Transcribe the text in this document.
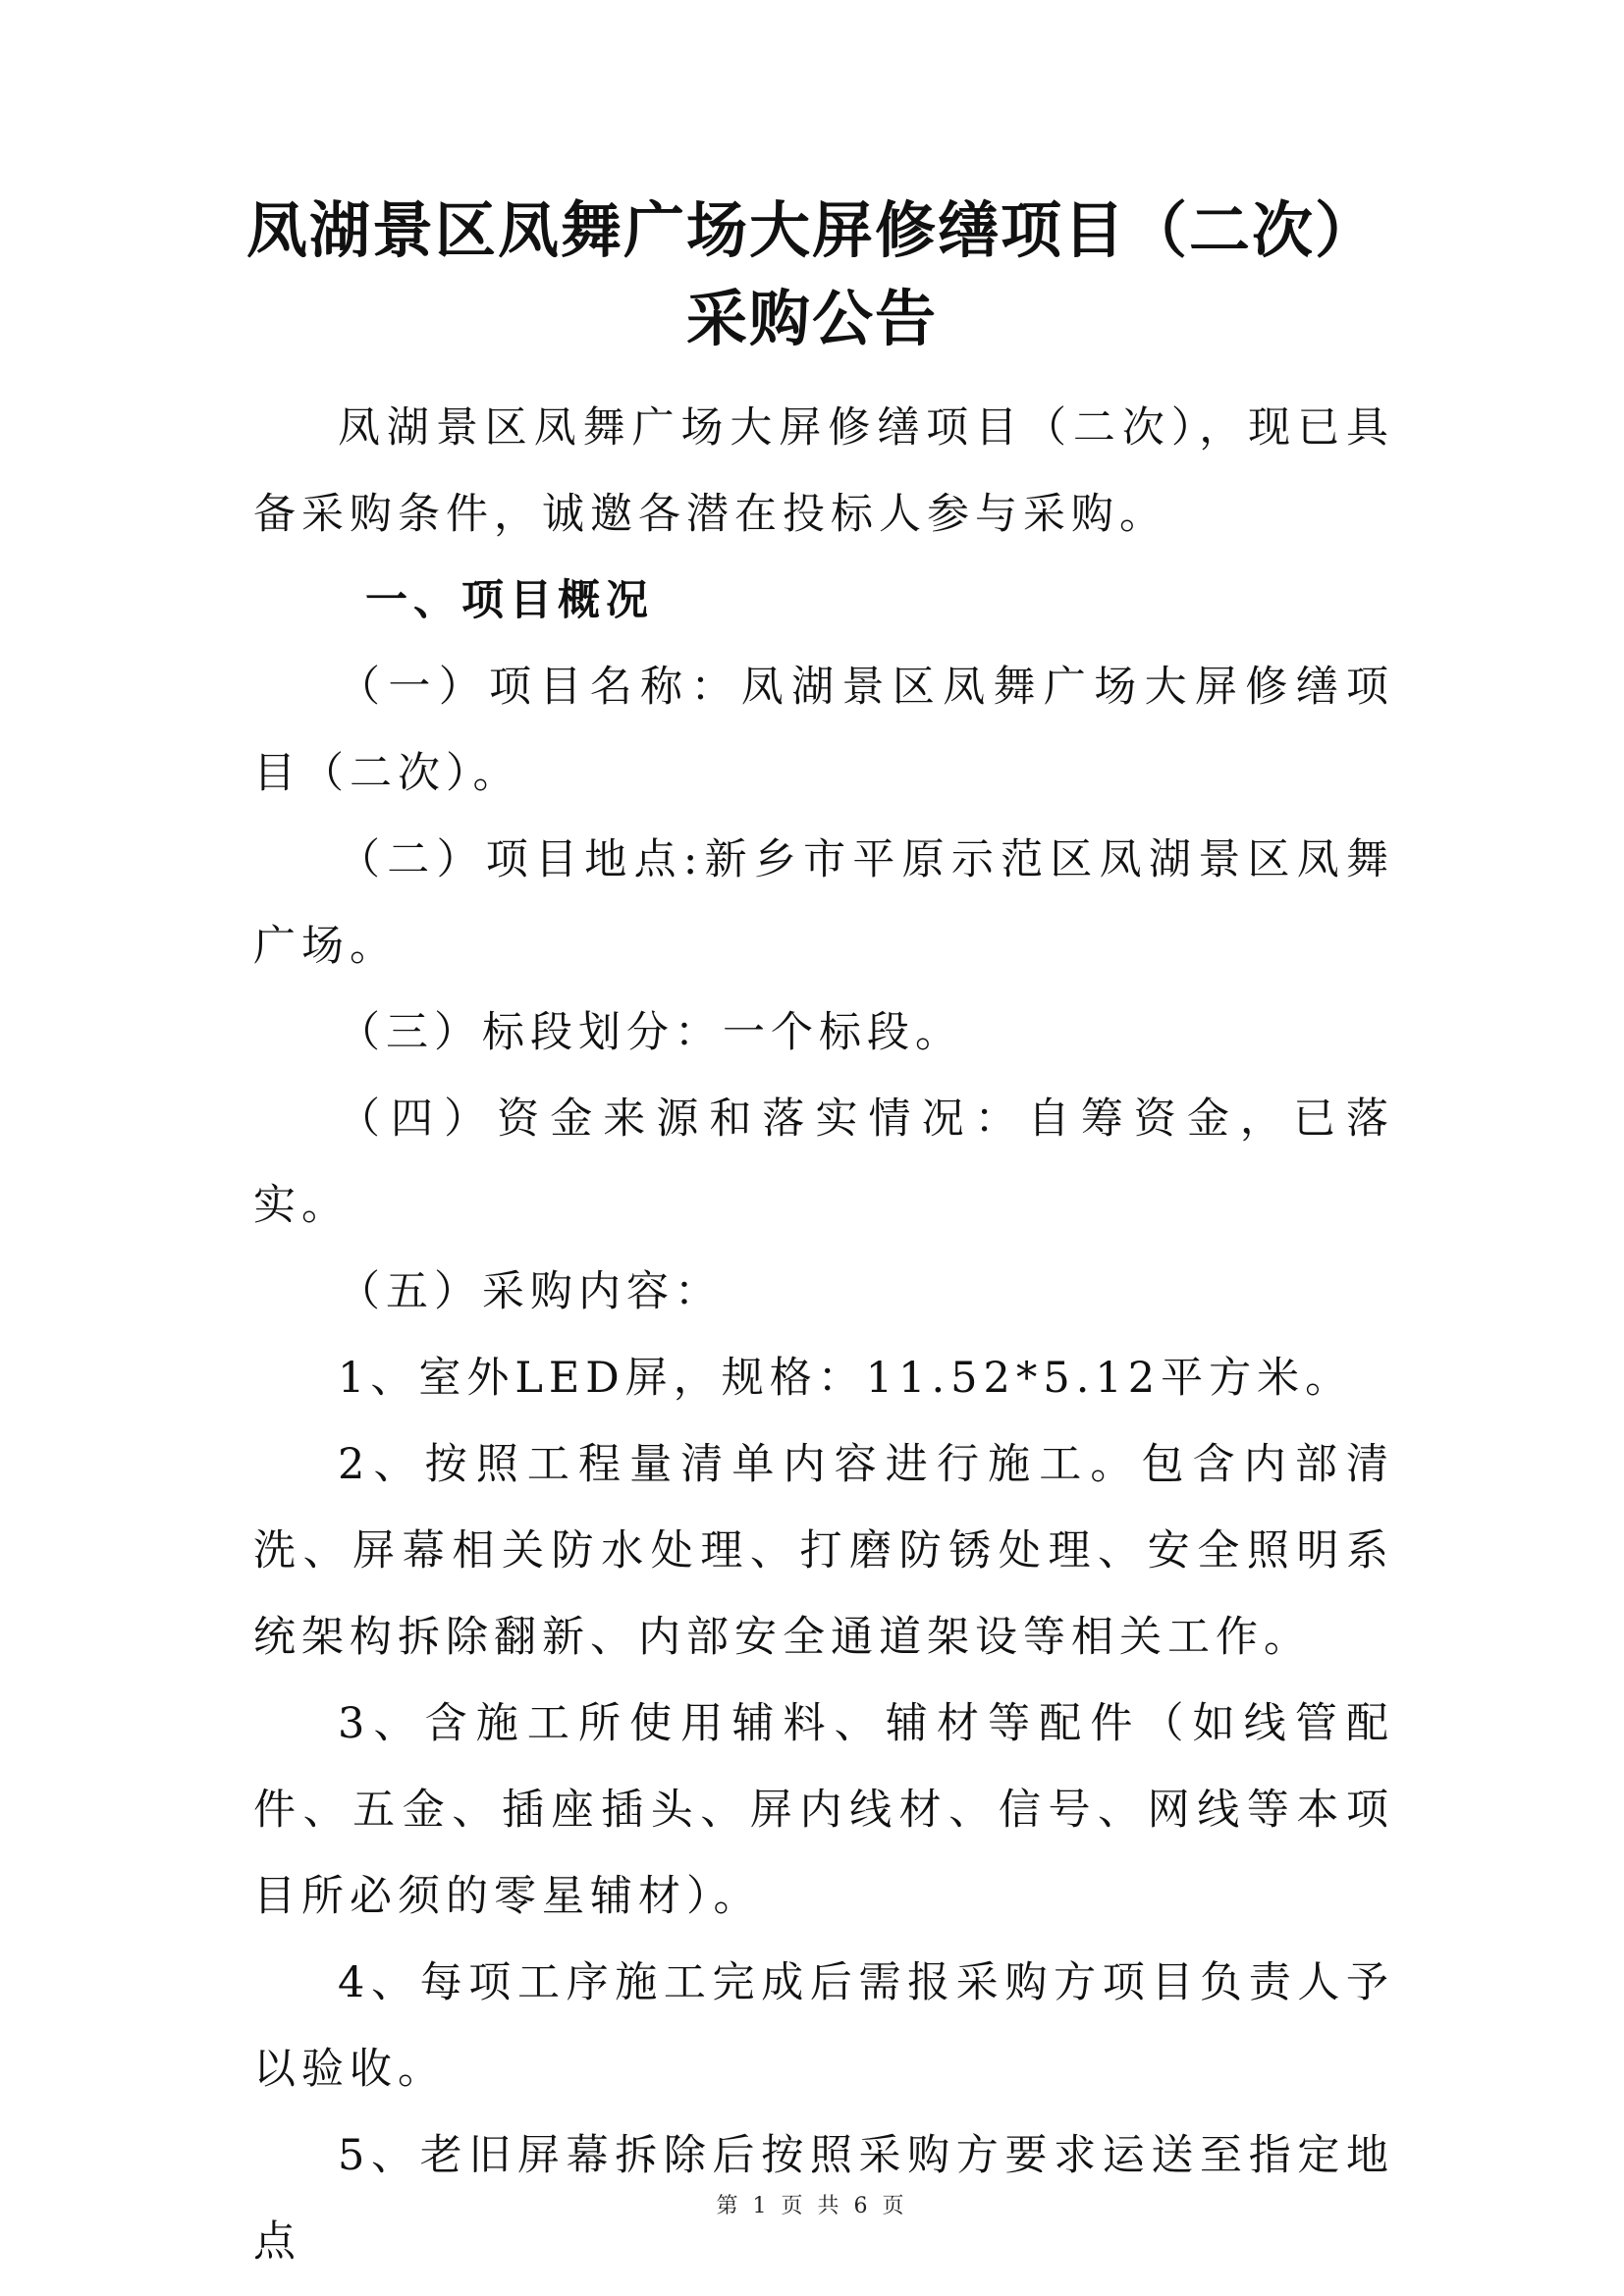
凤湖景区凤舞广场大屏修缮项目（二次）
采购公告

凤湖景区凤舞广场大屏修缮项目（二次），现已具备采购条件，诚邀各潜在投标人参与采购。

一、项目概况

（一）项目名称：凤湖景区凤舞广场大屏修缮项目（二次）。

（二）项目地点:新乡市平原示范区凤湖景区凤舞广场。

（三）标段划分：一个标段。

（四）资金来源和落实情况：自筹资金，已落实。

（五）采购内容：

1、室外LED屏，规格：11.52*5.12平方米。

2、按照工程量清单内容进行施工。包含内部清洗、屏幕相关防水处理、打磨防锈处理、安全照明系统架构拆除翻新、内部安全通道架设等相关工作。

3、含施工所使用辅料、辅材等配件（如线管配件、五金、插座插头、屏内线材、信号、网线等本项目所必须的零星辅材）。

4、每项工序施工完成后需报采购方项目负责人予以验收。

5、老旧屏幕拆除后按照采购方要求运送至指定地点

第 1 页 共 6 页
